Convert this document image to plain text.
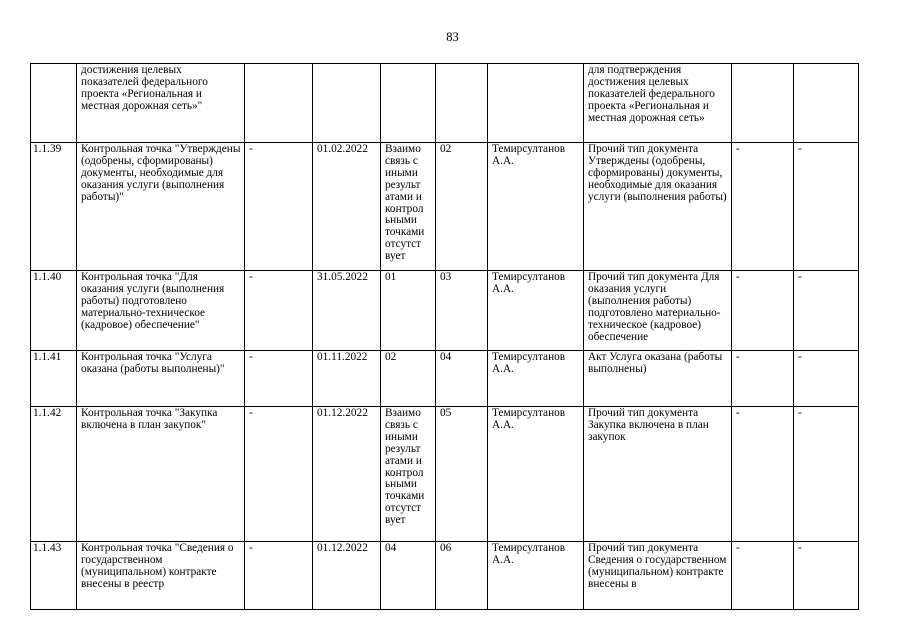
83
	достижения целевых показателей федерального проекта «Региональная и местная дорожная сеть»"						для подтверждения достижения целевых показателей федерального проекта «Региональная и местная дорожная сеть»		
1.1.39	Контрольная точка "Утверждены (одобрены, сформированы) документы, необходимые для оказания услуги (выполнения работы)"	-	01.02.2022	Взаимо связь с иными результ атами и контрол ьными точками отсутст вует	02	Темирсултанов А.А.	Прочий тип документа Утверждены (одобрены, сформированы) документы, необходимые для оказания услуги (выполнения работы)	-	-
1.1.40	Контрольная точка "Для оказания услуги (выполнения работы) подготовлено материально-техническое (кадровое) обеспечение"	-	31.05.2022	01	03	Темирсултанов А.А.	Прочий тип документа Для оказания услуги (выполнения работы) подготовлено материально-техническое (кадровое) обеспечение	-	-
1.1.41	Контрольная точка "Услуга оказана (работы выполнены)"	-	01.11.2022	02	04	Темирсултанов А.А.	Акт Услуга оказана (работы выполнены)	-	-
1.1.42	Контрольная точка "Закупка включена в план закупок"	-	01.12.2022	Взаимо связь с иными результ атами и контрол ьными точками отсутст вует	05	Темирсултанов А.А.	Прочий тип документа Закупка включена в план закупок	-	-
1.1.43	Контрольная точка "Сведения о государственном (муниципальном) контракте внесены в реестр	-	01.12.2022	04	06	Темирсултанов А.А.	Прочий тип документа Сведения о государственном (муниципальном) контракте внесены в	-	-
